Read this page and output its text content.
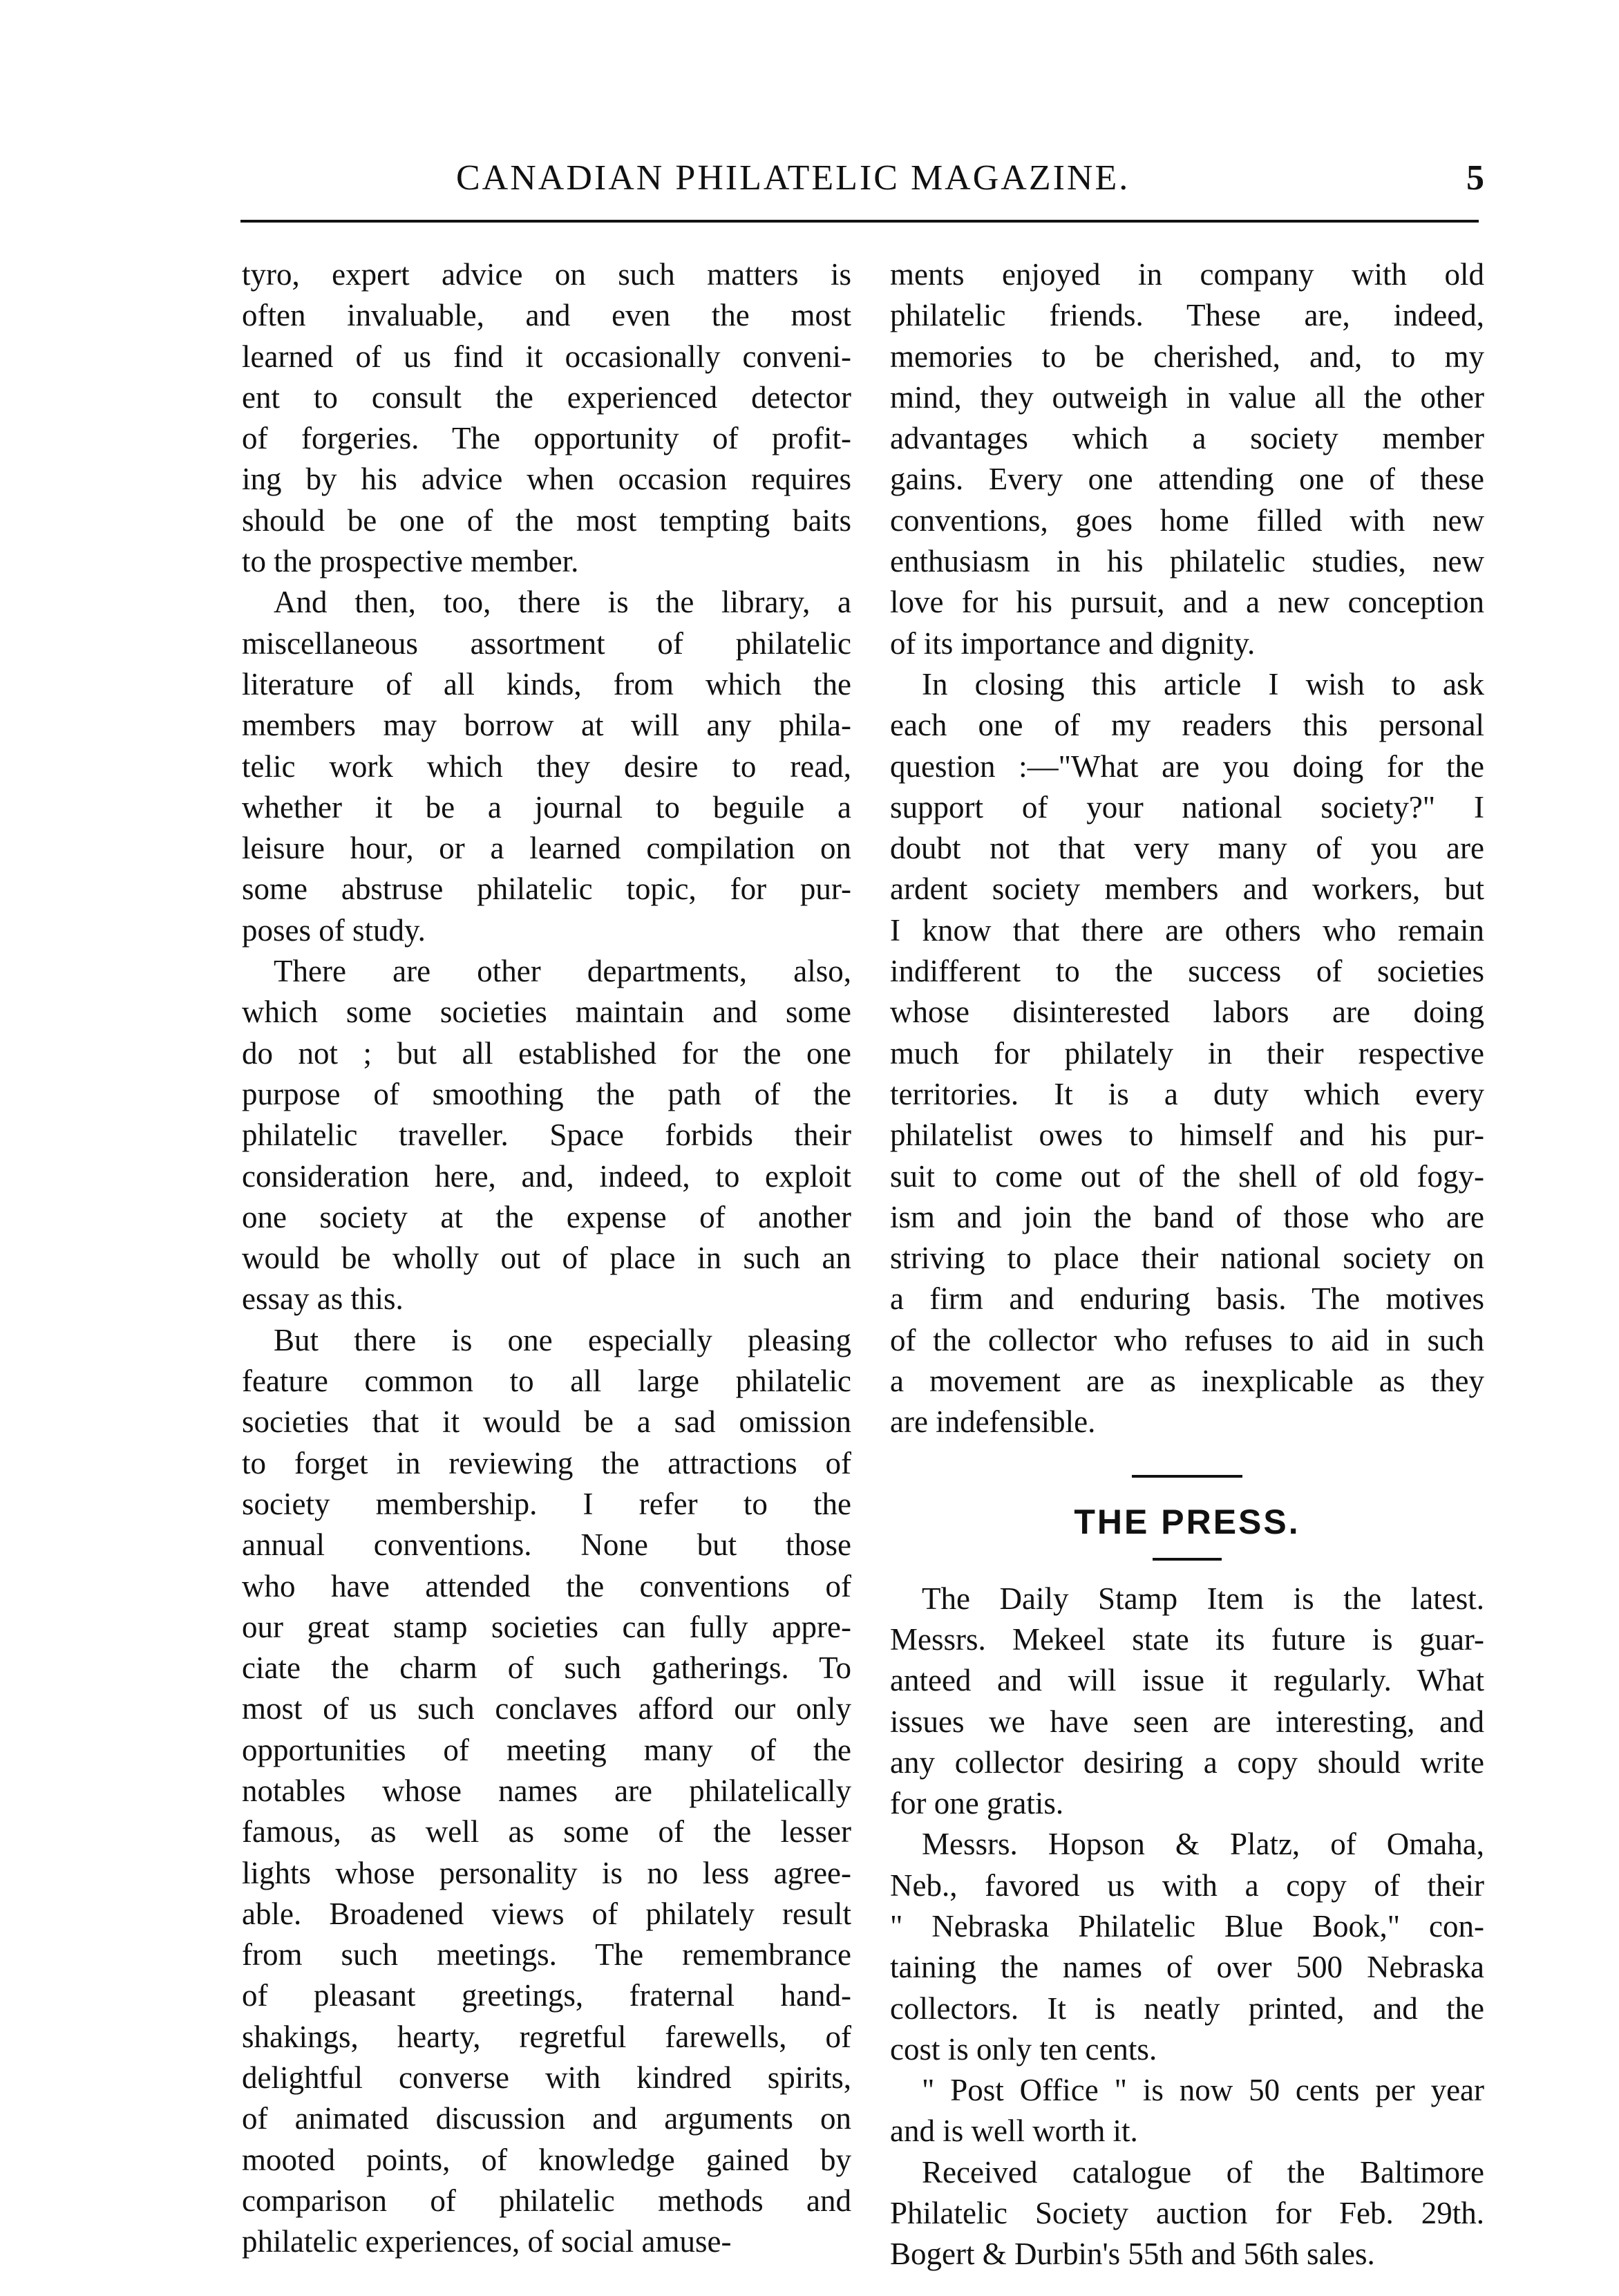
CANADIAN PHILATELIC MAGAZINE.	5
tyro, expert advice on such matters is
often invaluable, and even the most
learned of us find it occasionally conveni-
ent to consult the experienced detector
of forgeries. The opportunity of profit-
ing by his advice when occasion requires
should be one of the most tempting baits
to the prospective member.
And then, too, there is the library, a
miscellaneous assortment of philatelic
literature of all kinds, from which the
members may borrow at will any phila-
telic work which they desire to read,
whether it be a journal to beguile a
leisure hour, or a learned compilation on
some abstruse philatelic topic, for pur-
poses of study.
There are other departments, also,
which some societies maintain and some
do not ; but all established for the one
purpose of smoothing the path of the
philatelic traveller. Space forbids their
consideration here, and, indeed, to exploit
one society at the expense of another
would be wholly out of place in such an
essay as this.
But there is one especially pleasing
feature common to all large philatelic
societies that it would be a sad omission
to forget in reviewing the attractions of
society membership. I refer to the
annual conventions. None but those
who have attended the conventions of
our great stamp societies can fully appre-
ciate the charm of such gatherings. To
most of us such conclaves afford our only
opportunities of meeting many of the
notables whose names are philatelically
famous, as well as some of the lesser
lights whose personality is no less agree-
able. Broadened views of philately result
from such meetings. The remembrance
of pleasant greetings, fraternal hand-
shakings, hearty, regretful farewells, of
delightful converse with kindred spirits,
of animated discussion and arguments on
mooted points, of knowledge gained by
comparison of philatelic methods and
philatelic experiences, of social amuse-
ments enjoyed in company with old
philatelic friends. These are, indeed,
memories to be cherished, and, to my
mind, they outweigh in value all the other
advantages which a society member
gains. Every one attending one of these
conventions, goes home filled with new
enthusiasm in his philatelic studies, new
love for his pursuit, and a new conception
of its importance and dignity.
In closing this article I wish to ask
each one of my readers this personal
question :—"What are you doing for the
support of your national society?" I
doubt not that very many of you are
ardent society members and workers, but
I know that there are others who remain
indifferent to the success of societies
whose disinterested labors are doing
much for philately in their respective
territories. It is a duty which every
philatelist owes to himself and his pur-
suit to come out of the shell of old fogy-
ism and join the band of those who are
striving to place their national society on
a firm and enduring basis. The motives
of the collector who refuses to aid in such
a movement are as inexplicable as they
are indefensible.
THE PRESS.
The Daily Stamp Item is the latest.
Messrs. Mekeel state its future is guar-
anteed and will issue it regularly. What
issues we have seen are interesting, and
any collector desiring a copy should write
for one gratis.
Messrs. Hopson & Platz, of Omaha,
Neb., favored us with a copy of their
" Nebraska Philatelic Blue Book," con-
taining the names of over 500 Nebraska
collectors. It is neatly printed, and the
cost is only ten cents.
" Post Office " is now 50 cents per year
and is well worth it.
Received catalogue of the Baltimore
Philatelic Society auction for Feb. 29th.
Bogert & Durbin's 55th and 56th sales.
